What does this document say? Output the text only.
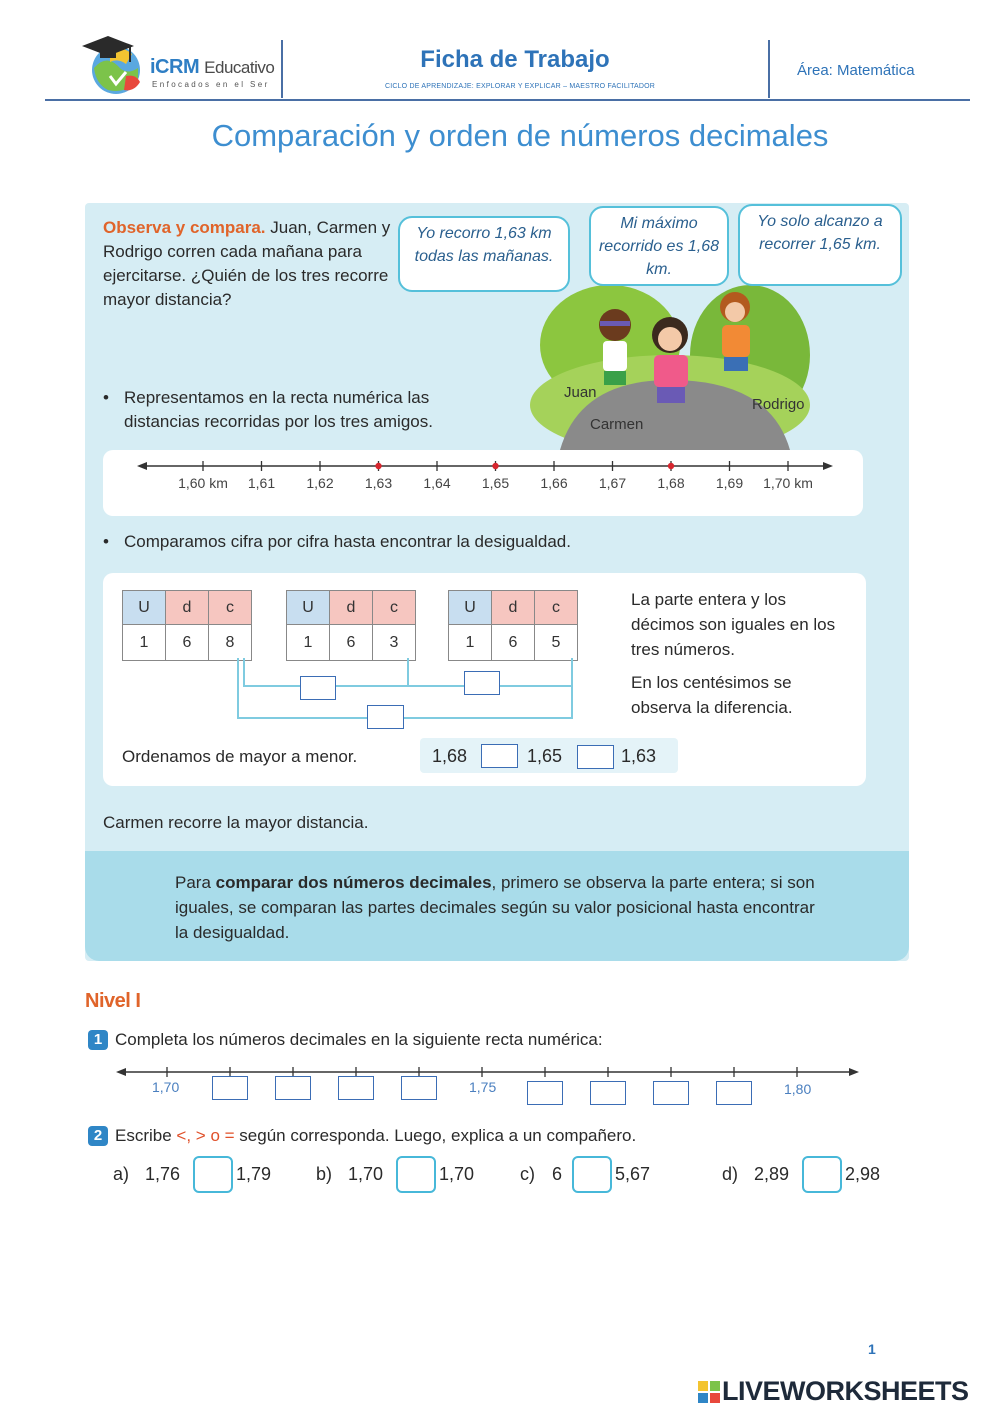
iCRM Educativo
Enfocados en el Ser
Ficha de Trabajo
CICLO DE APRENDIZAJE: EXPLORAR Y EXPLICAR – MAESTRO FACILITADOR
Área: Matemática
Comparación y orden de números decimales
Observa y compara. Juan, Carmen y Rodrigo corren cada mañana para ejercitarse. ¿Quién de los tres recorre mayor distancia?
Yo recorro 1,63 km todas las mañanas.
Mi máximo recorrido es 1,68 km.
Yo solo alcanzo a recorrer 1,65 km.
Juan
Carmen
Rodrigo
• Representamos en la recta numérica las distancias recorridas por los tres amigos.
1,60 km	1,61	1,62	1,63	1,64	1,65	1,66	1,67	1,68	1,69	1,70 km
• Comparamos cifra por cifra hasta encontrar la desigualdad.
U	d	c
1	6	8
U	d	c
1	6	3
U	d	c
1	6	5
La parte entera y los décimos son iguales en los tres números.
En los centésimos se observa la diferencia.
Ordenamos de mayor a menor.	1,68	1,65	1,63
Carmen recorre la mayor distancia.
Para comparar dos números decimales, primero se observa la parte entera; si son iguales, se comparan las partes decimales según su valor posicional hasta encontrar la desigualdad.
Nivel I
1 Completa los números decimales en la siguiente recta numérica:
1,70	1,75	1,80
2 Escribe <, > o = según corresponda. Luego, explica a un compañero.
a) 1,76	1,79 b) 1,70	1,70	c) 6	5,67	d) 2,89	2,98
1
LIVEWORKSHEETS
